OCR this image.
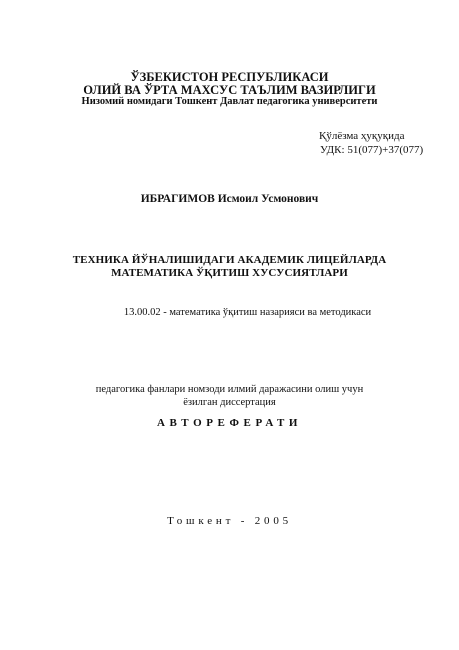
ЎЗБЕКИСТОН РЕСПУБЛИКАСИ
ОЛИЙ ВА ЎРТА МАХСУС ТАЪЛИМ ВАЗИРЛИГИ
Низомий номидаги Тошкент Давлат педагогика университети
Қўлёзма ҳуқуқида
УДК: 51(077)+37(077)
ИБРАГИМОВ Исмоил Усмонович
ТЕХНИКА ЙЎНАЛИШИДАГИ АКАДЕМИК ЛИЦЕЙЛАРДА
МАТЕМАТИКА ЎҚИТИШ ХУСУСИЯТЛАРИ
13.00.02 - математика ўқитиш назарияси ва методикаси
педагогика фанлари номзоди илмий даражасини олиш учун
ёзилган диссертация
АВТОРЕФЕРАТИ
Тошкент - 2005
